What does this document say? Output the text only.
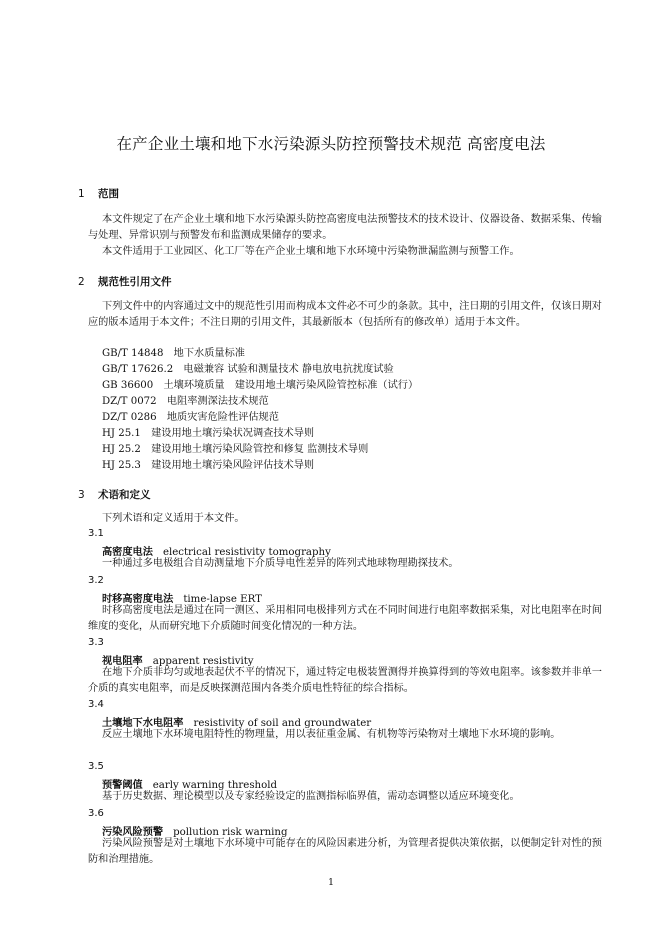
在产企业土壤和地下水污染源头防控预警技术规范 高密度电法
1 范围
本文件规定了在产企业土壤和地下水污染源头防控高密度电法预警技术的技术设计、仪器设备、数据采集、传输与处理、异常识别与预警发布和监测成果储存的要求。
本文件适用于工业园区、化工厂等在产企业土壤和地下水环境中污染物泄漏监测与预警工作。
2 规范性引用文件
下列文件中的内容通过文中的规范性引用而构成本文件必不可少的条款。其中，注日期的引用文件，仅该日期对应的版本适用于本文件；不注日期的引用文件，其最新版本（包括所有的修改单）适用于本文件。
GB/T 14848　地下水质量标准
GB/T 17626.2　电磁兼容 试验和测量技术 静电放电抗扰度试验
GB 36600　土壤环境质量　建设用地土壤污染风险管控标准（试行）
DZ/T 0072　电阻率测深法技术规范
DZ/T 0286　地质灾害危险性评估规范
HJ 25.1　建设用地土壤污染状况调查技术导则
HJ 25.2　建设用地土壤污染风险管控和修复 监测技术导则
HJ 25.3　建设用地土壤污染风险评估技术导则
3 术语和定义
下列术语和定义适用于本文件。
3.1
高密度电法 electrical resistivity tomography
一种通过多电极组合自动测量地下介质导电性差异的阵列式地球物理勘探技术。
3.2
时移高密度电法 time-lapse ERT
时移高密度电法是通过在同一测区、采用相同电极排列方式在不同时间进行电阻率数据采集，对比电阻率在时间维度的变化，从而研究地下介质随时间变化情况的一种方法。
3.3
视电阻率 apparent resistivity
在地下介质非均匀或地表起伏不平的情况下，通过特定电极装置测得并换算得到的等效电阻率。该参数并非单一介质的真实电阻率，而是反映探测范围内各类介质电性特征的综合指标。
3.4
土壤地下水电阻率 resistivity of soil and groundwater
反应土壤地下水环境电阻特性的物理量，用以表征重金属、有机物等污染物对土壤地下水环境的影响。
3.5
预警阈值 early warning threshold
基于历史数据、理论模型以及专家经验设定的监测指标临界值，需动态调整以适应环境变化。
3.6
污染风险预警 pollution risk warning
污染风险预警是对土壤地下水环境中可能存在的风险因素进分析，为管理者提供决策依据，以便制定针对性的预防和治理措施。
1
